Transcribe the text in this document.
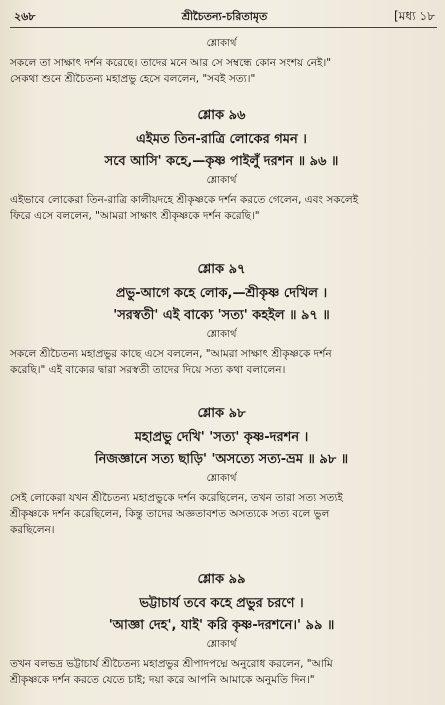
২৬৮	শ্রীচৈতন্য-চরিতামৃত	[মধ্য ১৮
শ্লোকার্থ

সকলে তা সাক্ষাৎ দর্শন করেছে। তাদের মনে আর সে সম্বন্ধে কোন সংশয় নেই।"

সেকথা শুনে শ্রীচৈতন্য মহাপ্রভু হেসে বললেন, "সবই সত্য।"

শ্লোক ৯৬
এইমত তিন-রাত্রি লোকের গমন ।
সবে আসি' কহে,—কৃষ্ণ পাইলুঁ দরশন ॥ ৯৬ ॥
শ্লোকার্থ

এইভাবে লোকেরা তিন-রাত্রি কালীয়দহে শ্রীকৃষ্ণকে দর্শন করতে গেলেন, এবং সকলেই

ফিরে এসে বললেন, "আমরা সাক্ষাৎ শ্রীকৃষ্ণকে দর্শন করেছি।"

শ্লোক ৯৭
প্রভু-আগে কহে লোক,—শ্রীকৃষ্ণ দেখিল ।
'সরস্বতী' এই বাক্যে 'সত্য' কহইল ॥ ৯৭ ॥
শ্লোকার্থ

সকলে শ্রীচৈতন্য মহাপ্রভুর কাছে এসে বললেন, "আমরা সাক্ষাৎ শ্রীকৃষ্ণকে দর্শন

করেছি।" এই বাক্যের দ্বারা সরস্বতী তাদের দিয়ে সত্য কথা বলালেন।

শ্লোক ৯৮
মহাপ্রভু দেখি' 'সত্য' কৃষ্ণ-দরশন ।
নিজজ্ঞানে সত্য ছাড়ি' 'অসত্যে সত্য-ভ্রম ॥ ৯৮ ॥
শ্লোকার্থ

সেই লোকেরা যখন শ্রীচৈতন্য মহাপ্রভুকে দর্শন করেছিলেন, তখন তারা সত্য সত্যই

শ্রীকৃষ্ণকে দর্শন করেছিলেন, কিন্তু তাদের অজ্ঞতাবশত অসত্যকে সত্য বলে ভুল

করছিলেন।

শ্লোক ৯৯
ভট্টাচার্য তবে কহে প্রভুর চরণে ।
'আজ্ঞা দেহ', যাই' করি কৃষ্ণ-দরশনে।' ৯৯ ॥
শ্লোকার্থ

তখন বলভদ্র ভট্টাচার্য শ্রীচৈতন্য মহাপ্রভুর শ্রীপাদপদ্মে অনুরোধ করলেন, "আমি

শ্রীকৃষ্ণকে দর্শন করতে যেতে চাই; দয়া করে আপনি আমাকে অনুমতি দিন।"
